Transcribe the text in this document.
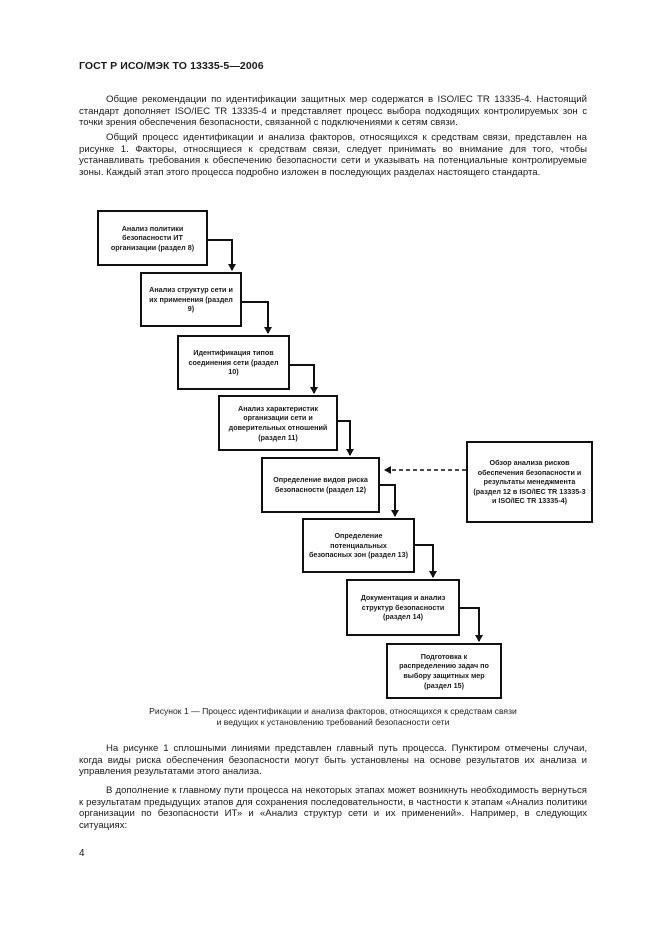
ГОСТ Р ИСО/МЭК ТО 13335-5—2006

Общие рекомендации по идентификации защитных мер содержатся в ISO/IEC TR 13335-4. Настоящий стандарт дополняет ISO/IEC TR 13335-4 и представляет процесс выбора подходящих контролируемых зон с точки зрения обеспечения безопасности, связанной с подключениями к сетям связи.

Общий процесс идентификации и анализа факторов, относящихся к средствам связи, представлен на рисунке 1. Факторы, относящиеся к средствам связи, следует принимать во внимание для того, чтобы устанавливать требования к обеспечению безопасности сети и указывать на потенциальные контролируемые зоны. Каждый этап этого процесса подробно изложен в последующих разделах настоящего стандарта.

Анализ политики безопасности ИТ организации (раздел 8)
Анализ структур сети и их применения (раздел 9)
Идентификация типов соединения сети (раздел 10)
Анализ характеристик организации сети и доверительных отношений (раздел 11)
Определение видов риска безопасности (раздел 12)
Определение потенциальных безопасных зон (раздел 13)
Документация и анализ структур безопасности (раздел 14)
Подготовка к распределению задач по выбору защитных мер (раздел 15)
Обзор анализа рисков обеспечения безопасности и результаты менеджмента (раздел 12 в ISO/IEC TR 13335-3 и ISO/IEC TR 13335-4)

Рисунок 1 — Процесс идентификации и анализа факторов, относящихся к средствам связи
и ведущих к установлению требований безопасности сети

На рисунке 1 сплошными линиями представлен главный путь процесса. Пунктиром отмечены случаи, когда виды риска обеспечения безопасности могут быть установлены на основе результатов их анализа и управления результатами этого анализа.

В дополнение к главному пути процесса на некоторых этапах может возникнуть необходимость вернуться к результатам предыдущих этапов для сохранения последовательности, в частности к этапам «Анализ политики организации по безопасности ИТ» и «Анализ структур сети и их применений». Например, в следующих ситуациях:

4
